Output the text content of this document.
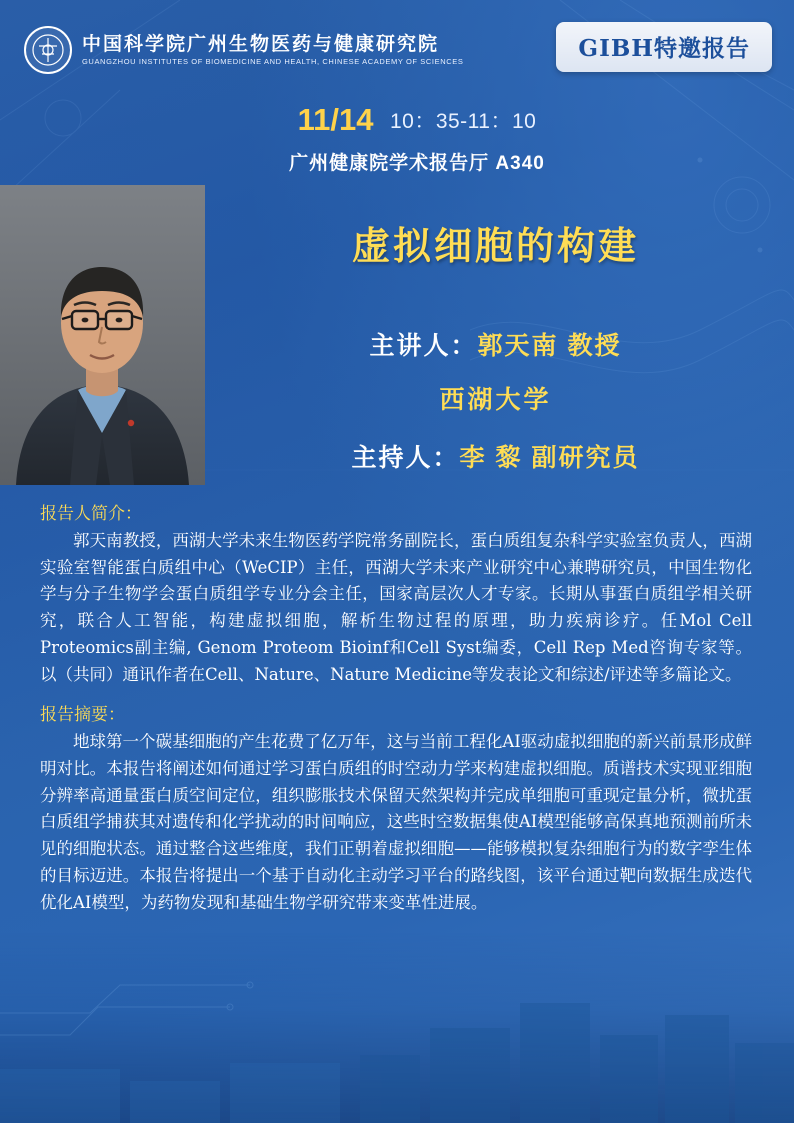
中国科学院广州生物医药与健康研究院
GUANGZHOU INSTITUTES OF BIOMEDICINE AND HEALTH, CHINESE ACADEMY OF SCIENCES	GIBH特邀报告
11/14 10：35-11：10
广州健康院学术报告厅 A340
虚拟细胞的构建
主讲人：郭天南 教授
西湖大学
主持人：李 黎 副研究员
报告人简介：

郭天南教授，西湖大学未来生物医药学院常务副院长，蛋白质组复杂科学实验室负责人，西湖实验室智能蛋白质组中心（WeCIP）主任，西湖大学未来产业研究中心兼聘研究员，中国生物化学与分子生物学会蛋白质组学专业分会主任，国家高层次人才专家。长期从事蛋白质组学相关研究，联合人工智能，构建虚拟细胞，解析生物过程的原理，助力疾病诊疗。任Mol Cell Proteomics副主编, Genom Proteom Bioinf和Cell Syst编委，Cell Rep Med咨询专家等。以（共同）通讯作者在Cell、Nature、Nature Medicine等发表论文和综述/评述等多篇论文。

报告摘要：

地球第一个碳基细胞的产生花费了亿万年，这与当前工程化AI驱动虚拟细胞的新兴前景形成鲜明对比。本报告将阐述如何通过学习蛋白质组的时空动力学来构建虚拟细胞。质谱技术实现亚细胞分辨率高通量蛋白质空间定位，组织膨胀技术保留天然架构并完成单细胞可重现定量分析，微扰蛋白质组学捕获其对遗传和化学扰动的时间响应，这些时空数据集使AI模型能够高保真地预测前所未见的细胞状态。通过整合这些维度，我们正朝着虚拟细胞——能够模拟复杂细胞行为的数字孪生体的目标迈进。本报告将提出一个基于自动化主动学习平台的路线图，该平台通过靶向数据生成迭代优化AI模型，为药物发现和基础生物学研究带来变革性进展。
